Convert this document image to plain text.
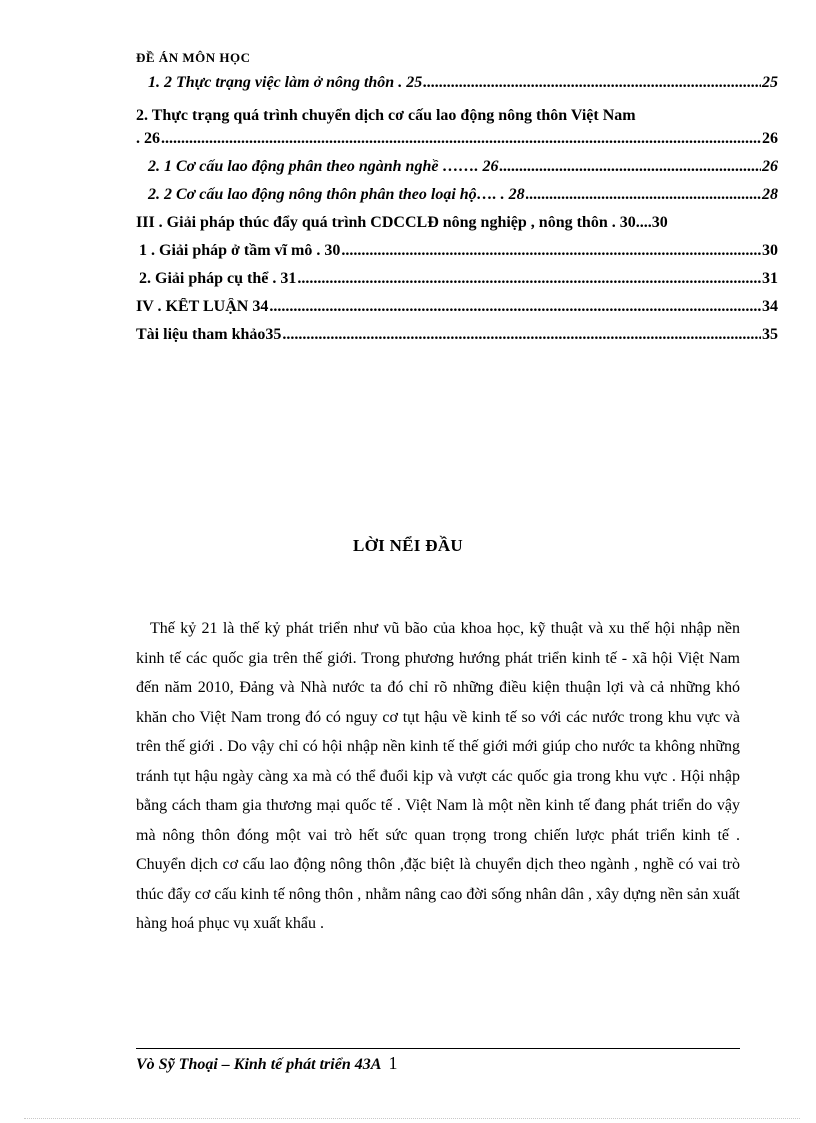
ĐỀ ÁN MÔN HỌC
1. 2 Thực trạng việc làm ở nông thôn . 25 .....	25
2. Thực trạng quá trình chuyển dịch cơ cấu lao động nông thôn Việt Nam
. 26 .....	26
2. 1 Cơ cấu lao động phân theo ngành nghề ……. 26 .....	26
2. 2 Cơ cấu lao động nông thôn phân theo loại hộ…. . 28 .....	28
III . Giải pháp thúc đẩy quá trình CDCCLĐ nông nghiệp , nông thôn . 30.... 30
1 . Giải pháp ở tầm vĩ mô . 30 .....	30
2. Giải pháp cụ thể . 31 .....	31
IV . KẾT LUẬN 34 .....	34
Tài liệu tham khảo35 .....	35
LỜI NỂI ĐẦU
Thế kỷ 21 là thế kỷ phát triển như vũ bão của khoa học, kỹ thuật và xu thế hội nhập nền kinh tế các quốc gia trên thế giới. Trong phương hướng phát triển kinh tế - xã hội Việt Nam đến năm 2010, Đảng và Nhà nước ta đó chỉ rõ những điều kiện thuận lợi và cả những khó khăn cho Việt Nam trong đó có nguy cơ tụt hậu về kinh tế so với các nước trong khu vực và trên thế giới . Do vậy chỉ có hội nhập nền kinh tế thế giới mới giúp cho nước ta không những tránh tụt hậu ngày càng xa mà có thể đuổi kịp và vượt các quốc gia trong khu vực . Hội nhập bằng cách tham gia thương mại quốc tế . Việt Nam là một nền kinh tế đang phát triển do vậy mà nông thôn đóng một vai trò hết sức quan trọng trong chiến lược phát triển kinh tế . Chuyển dịch cơ cấu lao động nông thôn ,đặc biệt là chuyển dịch theo ngành , nghề có vai trò thúc đẩy cơ cấu kinh tế nông thôn , nhằm nâng cao đời sống nhân dân , xây dựng nền sản xuất hàng hoá phục vụ xuất khẩu .
Vò Sỹ Thoại – Kinh tế phát triển 43A 1
